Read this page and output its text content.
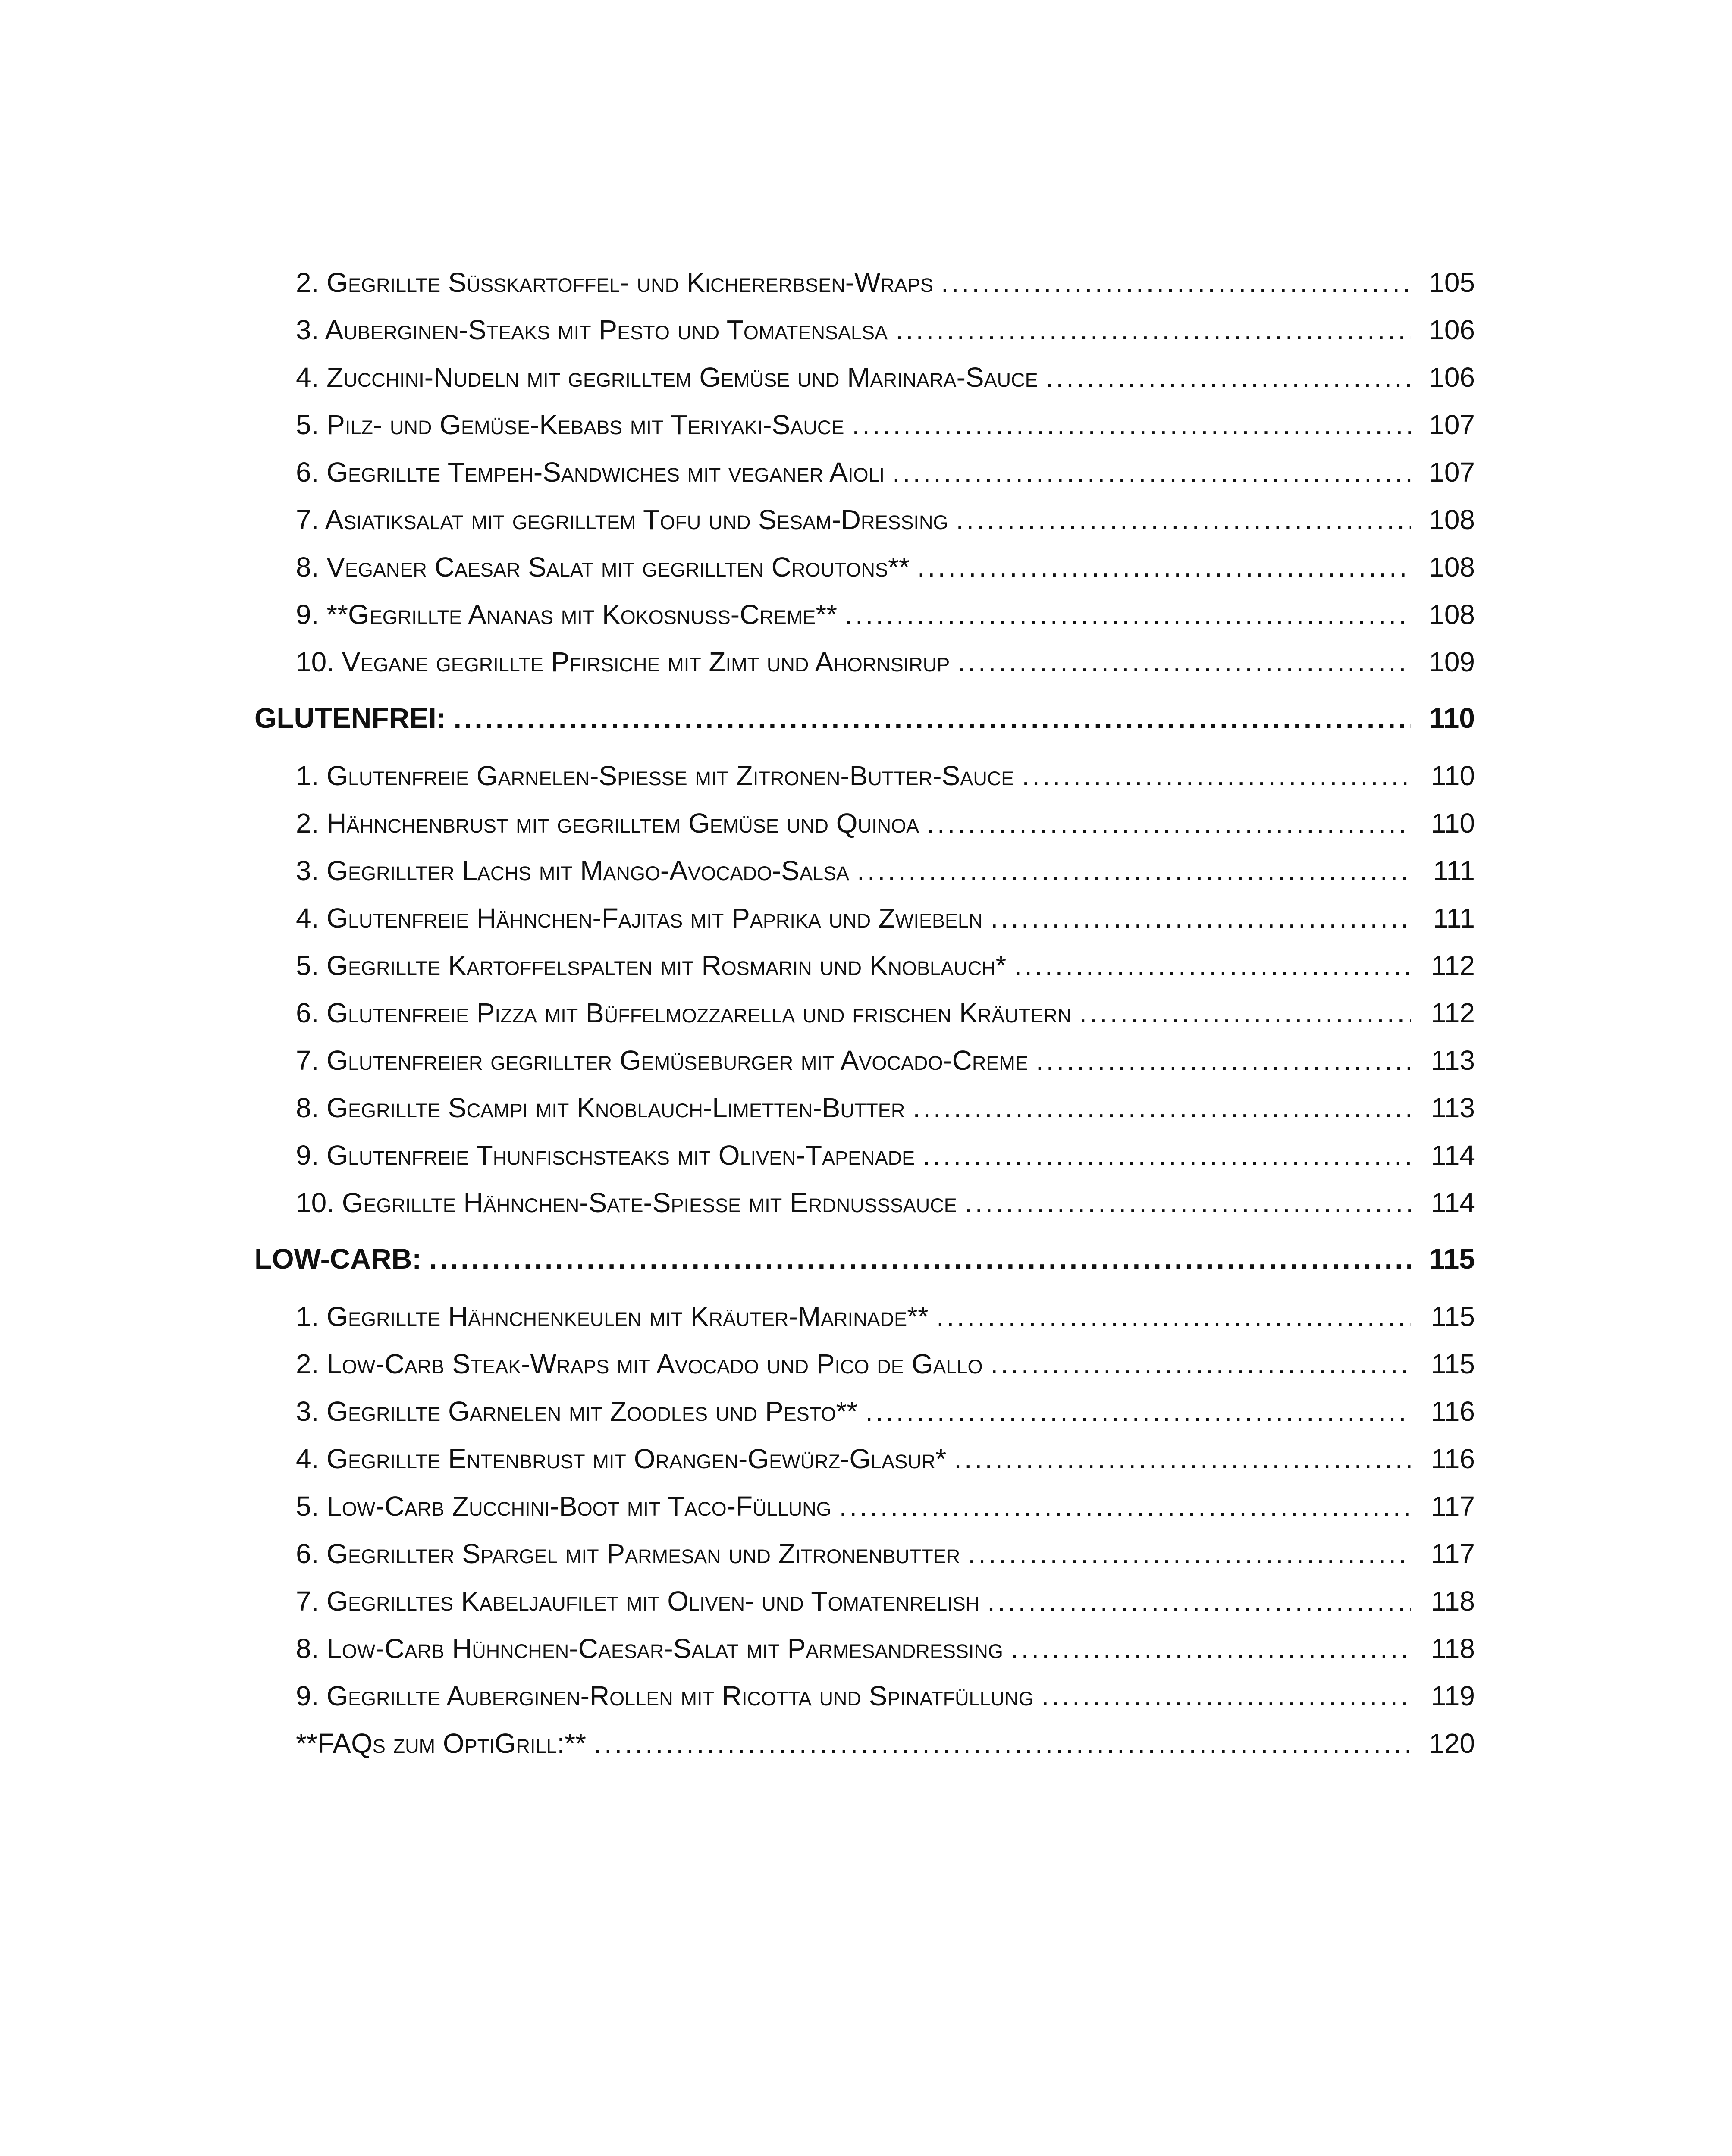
2. Gegrillte Süßkartoffel- und Kichererbsen-Wraps .....	105
3. Auberginen-Steaks mit Pesto und Tomatensalsa .....	106
4. Zucchini-Nudeln mit gegrilltem Gemüse und Marinara-Sauce .....	106
5. Pilz- und Gemüse-Kebabs mit Teriyaki-Sauce .....	107
6. Gegrillte Tempeh-Sandwiches mit veganer Aioli .....	107
7. Asiatiksalat mit gegrilltem Tofu und Sesam-Dressing .....	108
8. Veganer Caesar Salat mit gegrillten Croutons** .....	108
9. **Gegrillte Ananas mit Kokosnuss-Creme** .....	108
10. Vegane gegrillte Pfirsiche mit Zimt und Ahornsirup .....	109
GLUTENFREI: .....	110
1. Glutenfreie Garnelen-Spieße mit Zitronen-Butter-Sauce .....	110
2. Hähnchenbrust mit gegrilltem Gemüse und Quinoa .....	110
3. Gegrillter Lachs mit Mango-Avocado-Salsa .....	111
4. Glutenfreie Hähnchen-Fajitas mit Paprika und Zwiebeln .....	111
5. Gegrillte Kartoffelspalten mit Rosmarin und Knoblauch* .....	112
6. Glutenfreie Pizza mit Büffelmozzarella und frischen Kräutern .....	112
7. Glutenfreier gegrillter Gemüseburger mit Avocado-Creme .....	113
8. Gegrillte Scampi mit Knoblauch-Limetten-Butter .....	113
9. Glutenfreie Thunfischsteaks mit Oliven-Tapenade .....	114
10. Gegrillte Hähnchen-Sate-Spieße mit Erdnusssauce .....	114
LOW-CARB: .....	115
1. Gegrillte Hähnchenkeulen mit Kräuter-Marinade** .....	115
2. Low-Carb Steak-Wraps mit Avocado und Pico de Gallo .....	115
3. Gegrillte Garnelen mit Zoodles und Pesto** .....	116
4. Gegrillte Entenbrust mit Orangen-Gewürz-Glasur* .....	116
5. Low-Carb Zucchini-Boot mit Taco-Füllung .....	117
6. Gegrillter Spargel mit Parmesan und Zitronenbutter .....	117
7. Gegrilltes Kabeljaufilet mit Oliven- und Tomatenrelish .....	118
8. Low-Carb Hühnchen-Caesar-Salat mit Parmesandressing .....	118
9. Gegrillte Auberginen-Rollen mit Ricotta und Spinatfüllung .....	119
**FAQs zum OptiGrill:** .....	120
